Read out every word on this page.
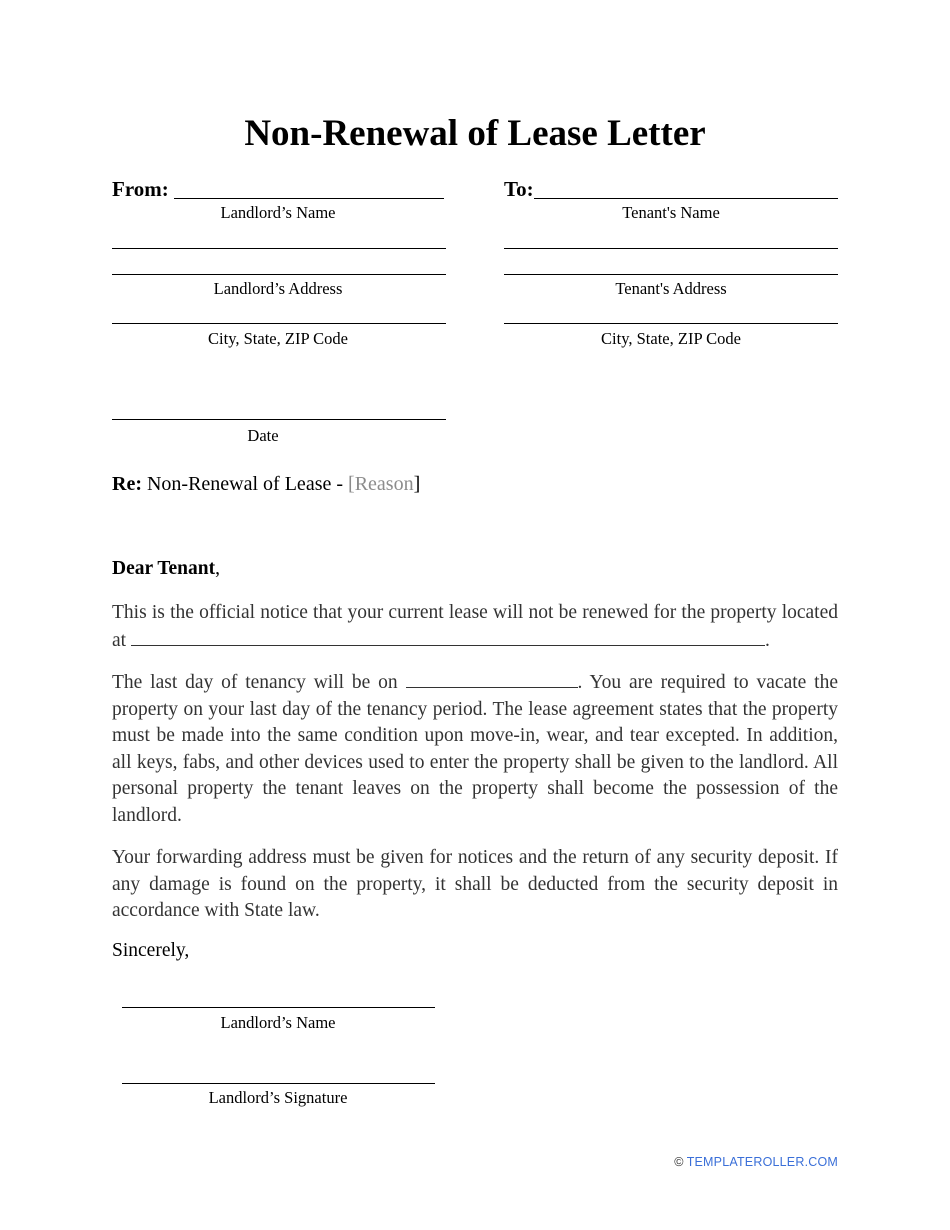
Non-Renewal of Lease Letter
From:
Landlord’s Name
Landlord’s Address
City, State, ZIP Code
To:
Tenant's Name
Tenant's Address
City, State, ZIP Code
Date
Re: Non-Renewal of Lease - [Reason]
Dear Tenant,
This is the official notice that your current lease will not be renewed for the property located at	.
The last day of tenancy will be on	. You are required to vacate the property on your last day of the tenancy period. The lease agreement states that the property must be made into the same condition upon move-in, wear, and tear excepted. In addition, all keys, fabs, and other devices used to enter the property shall be given to the landlord. All personal property the tenant leaves on the property shall become the possession of the landlord.
Your forwarding address must be given for notices and the return of any security deposit. If any damage is found on the property, it shall be deducted from the security deposit in accordance with State law.
Sincerely,
Landlord’s Name
Landlord’s Signature
© TEMPLATEROLLER.COM
